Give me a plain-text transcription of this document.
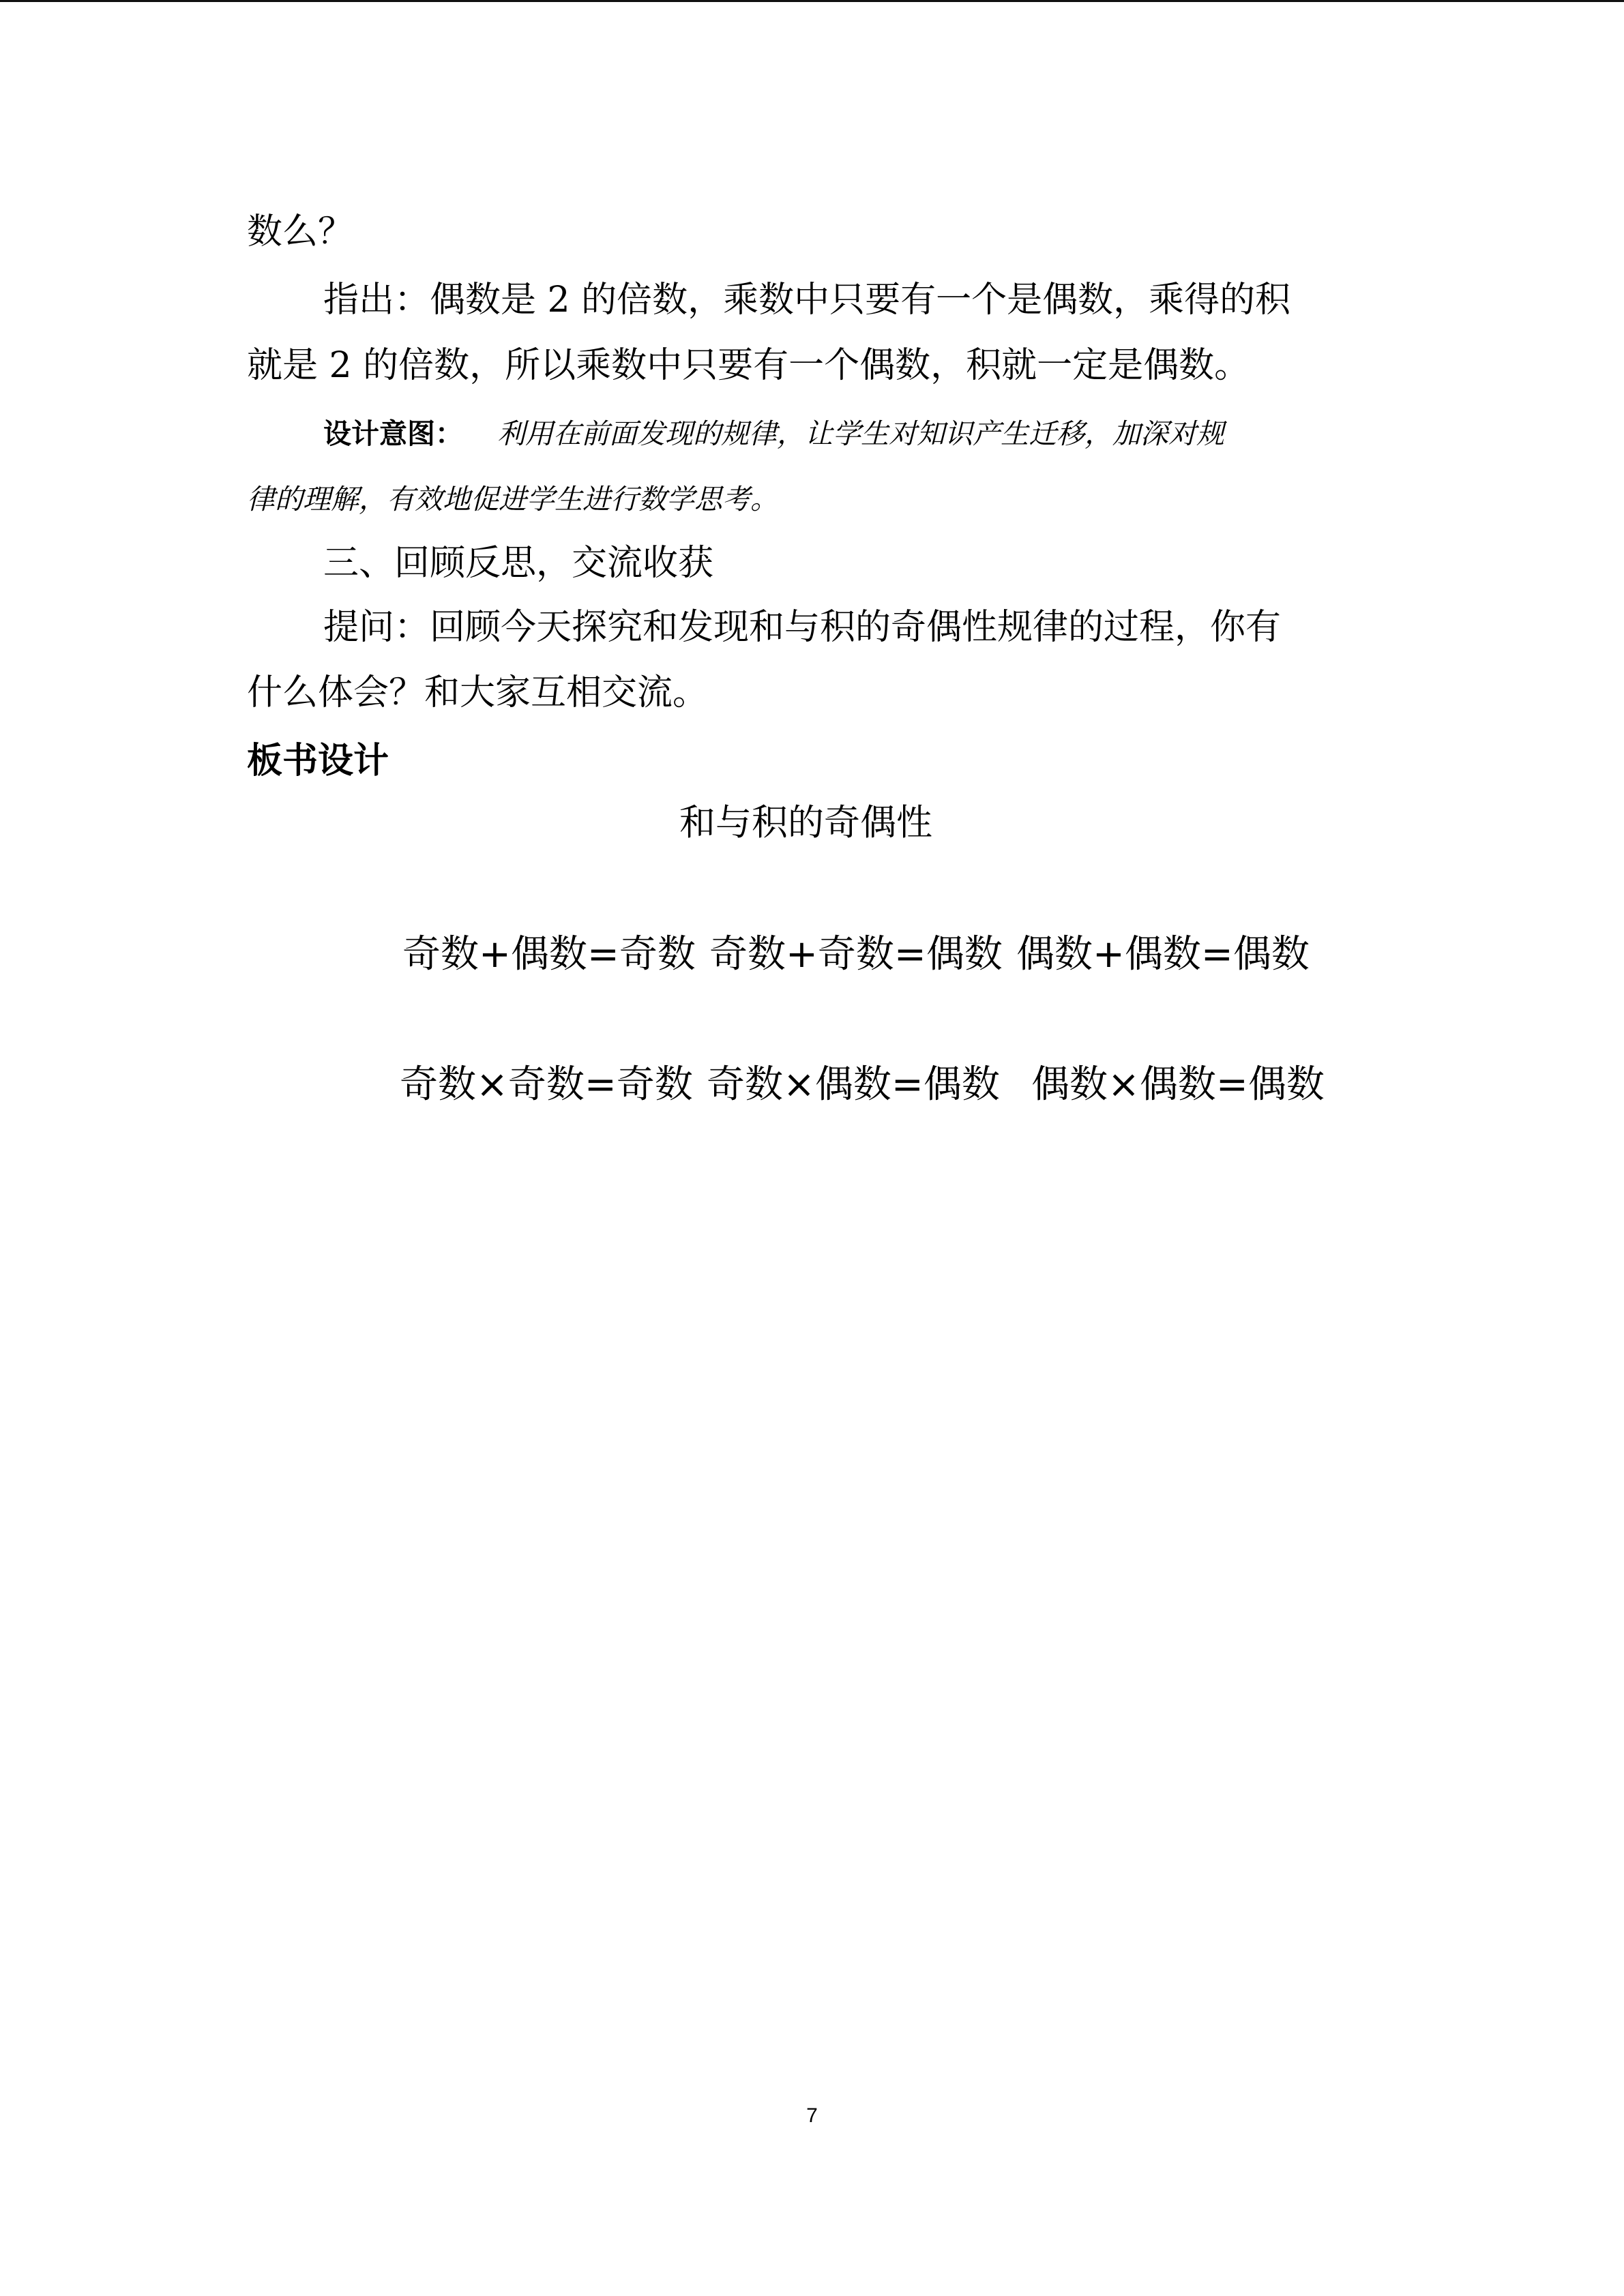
数么？
指出：偶数是 2 的倍数，乘数中只要有一个是偶数，乘得的积
就是 2 的倍数，所以乘数中只要有一个偶数，积就一定是偶数。
设计意图： 利用在前面发现的规律，让学生对知识产生迁移，加深对规
律的理解，有效地促进学生进行数学思考。
三、回顾反思，交流收获
提问：回顾今天探究和发现和与积的奇偶性规律的过程，你有
什么体会？和大家互相交流。
板书设计
和与积的奇偶性
奇数+偶数=奇数 奇数+奇数=偶数 偶数+偶数=偶数
奇数×奇数=奇数 奇数×偶数=偶数 偶数×偶数=偶数
7
